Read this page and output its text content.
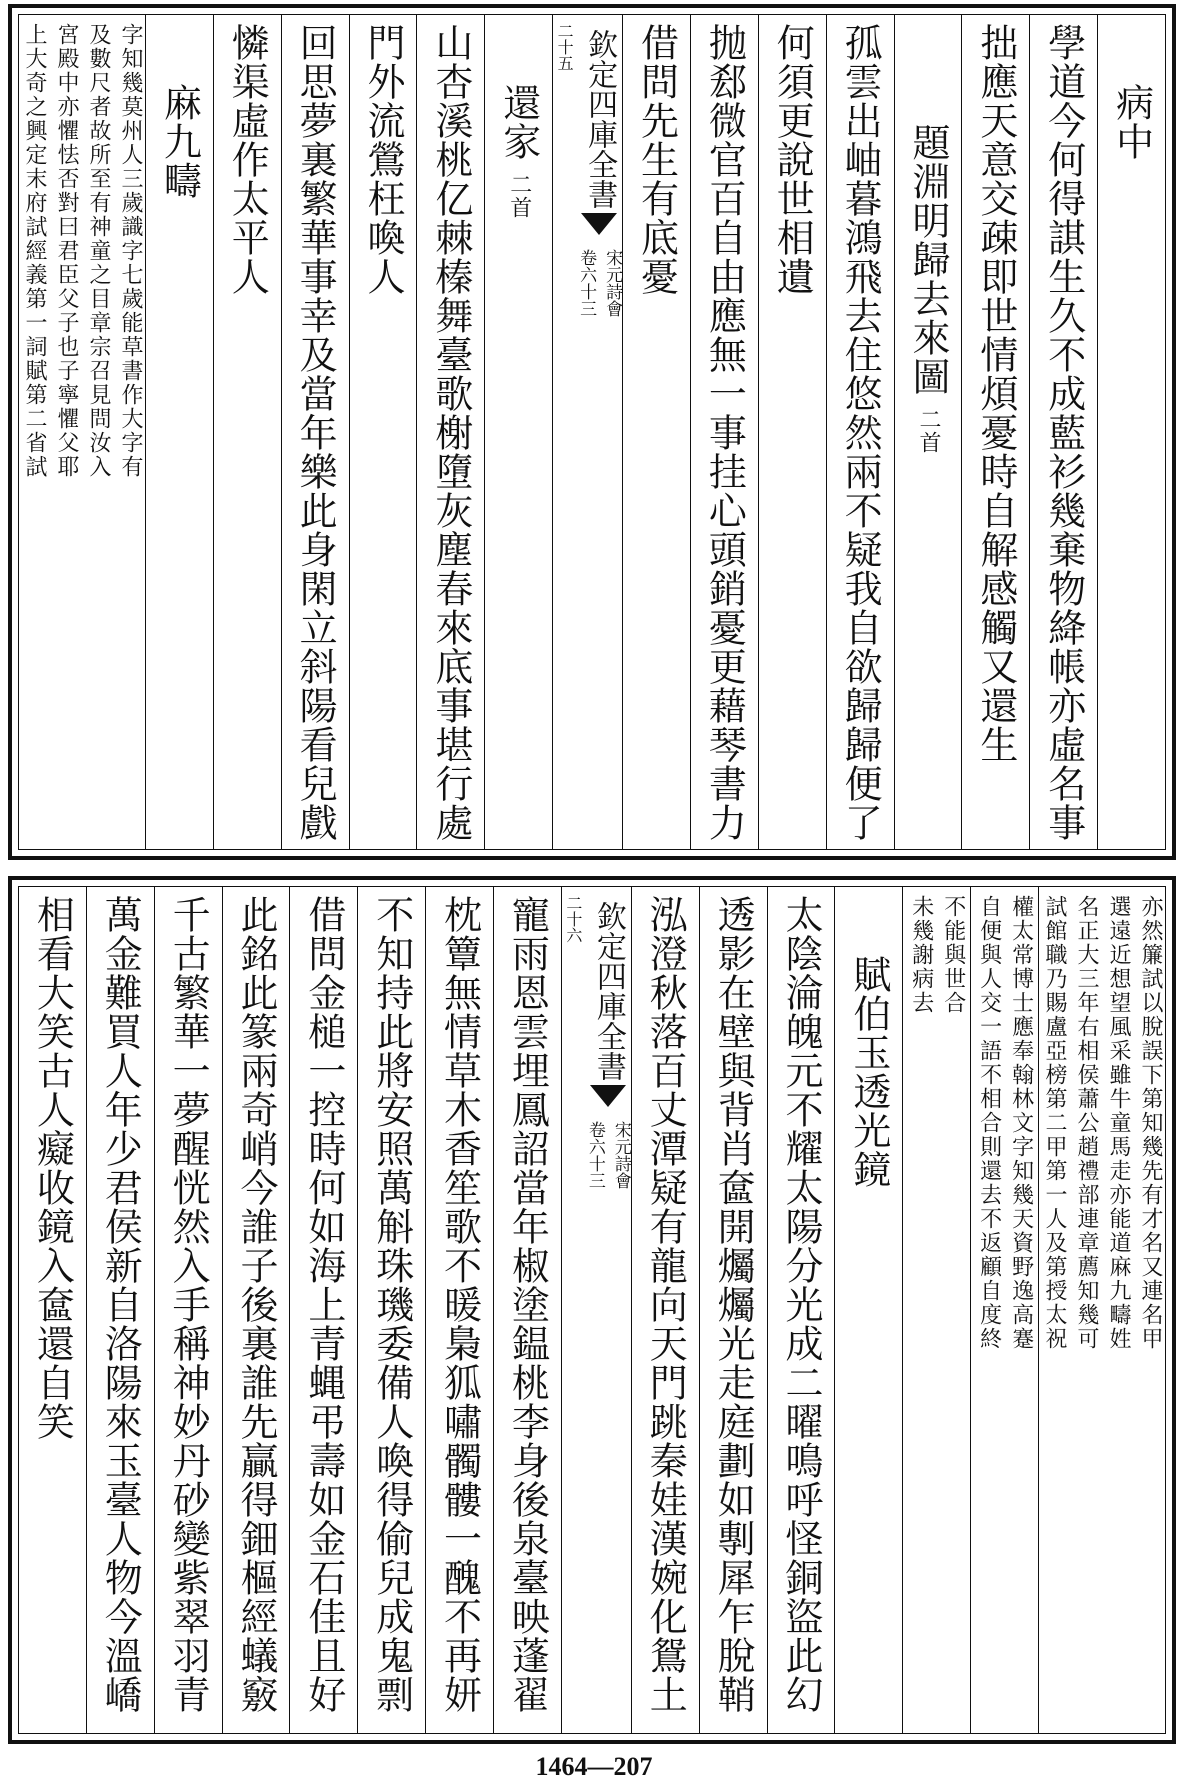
病中
學道今何得諆生久不成藍衫幾棄物絳帳亦虛名事
拙應天意交疎即世情煩憂時自解感觸又還生
題淵明歸去來圖二首
孤雲出岫暮鴻飛去住悠然兩不疑我自欲歸歸便了
何須更說世相遺
抛郄微官百自由應無一事挂心頭銷憂更藉琴書力
借問先生有底憂
欽定四庫全書
宋元詩會
卷六十三
二十五
還家二首
山杏溪桃亿棘榛舞臺歌榭墮灰塵春來底事堪行處
門外流鶯枉喚人
回思夢裏繁華事幸及當年樂此身閑立斜陽看兒戲
憐渠虛作太平人
麻九疇
字知幾莫州人三歲識字七歲能草書作大字有
及數尺者故所至有神童之目章宗召見問汝入
宮殿中亦懼怯否對曰君臣父子也子寧懼父耶
上大奇之興定末府試經義第一詞賦第二省試
亦然簾試以脫誤下第知幾先有才名又連名甲
選遠近想望風采雖牛童馬走亦能道麻九疇姓
名正大三年右相侯蕭公趙禮部連章薦知幾可
試館職乃賜盧亞榜第二甲第一人及第授太祝
權太常博士應奉翰林文字知幾天資野逸高蹇
自便與人交一語不相合則還去不返顧自度終
不能與世合
未幾謝病去
賦伯玉透光鏡
太陰淪魄元不耀太陽分光成二曜鳴呼怪銅盜此幻
透影在壁與背肖奩開爥爥光走庭劃如剸犀乍脫鞘
泓澄秋落百丈潭疑有龍向天門跳秦娃漢婉化鴛土
欽定四庫全書
宋元詩會
卷六十三
二十六
寵雨恩雲埋鳳詔當年椒塗鎾桃李身後泉臺映蓬翟
枕簟無情草木香笙歌不暖梟狐嘯髑髏一醜不再妍
不知持此將安照萬斛珠璣委備人喚得偷兒成鬼剽
借問金槌一控時何如海上青蝿弔壽如金石佳且好
此銘此篆兩奇峭今誰子後裏誰先贏得鈿樞經蟻竅
千古繁華一夢醒恍然入手稱神妙丹砂變紫翠羽青
萬金難買人年少君侯新自洛陽來玉臺人物今溫嶠
相看大笑古人癡收鏡入奩還自笑
1464—207
